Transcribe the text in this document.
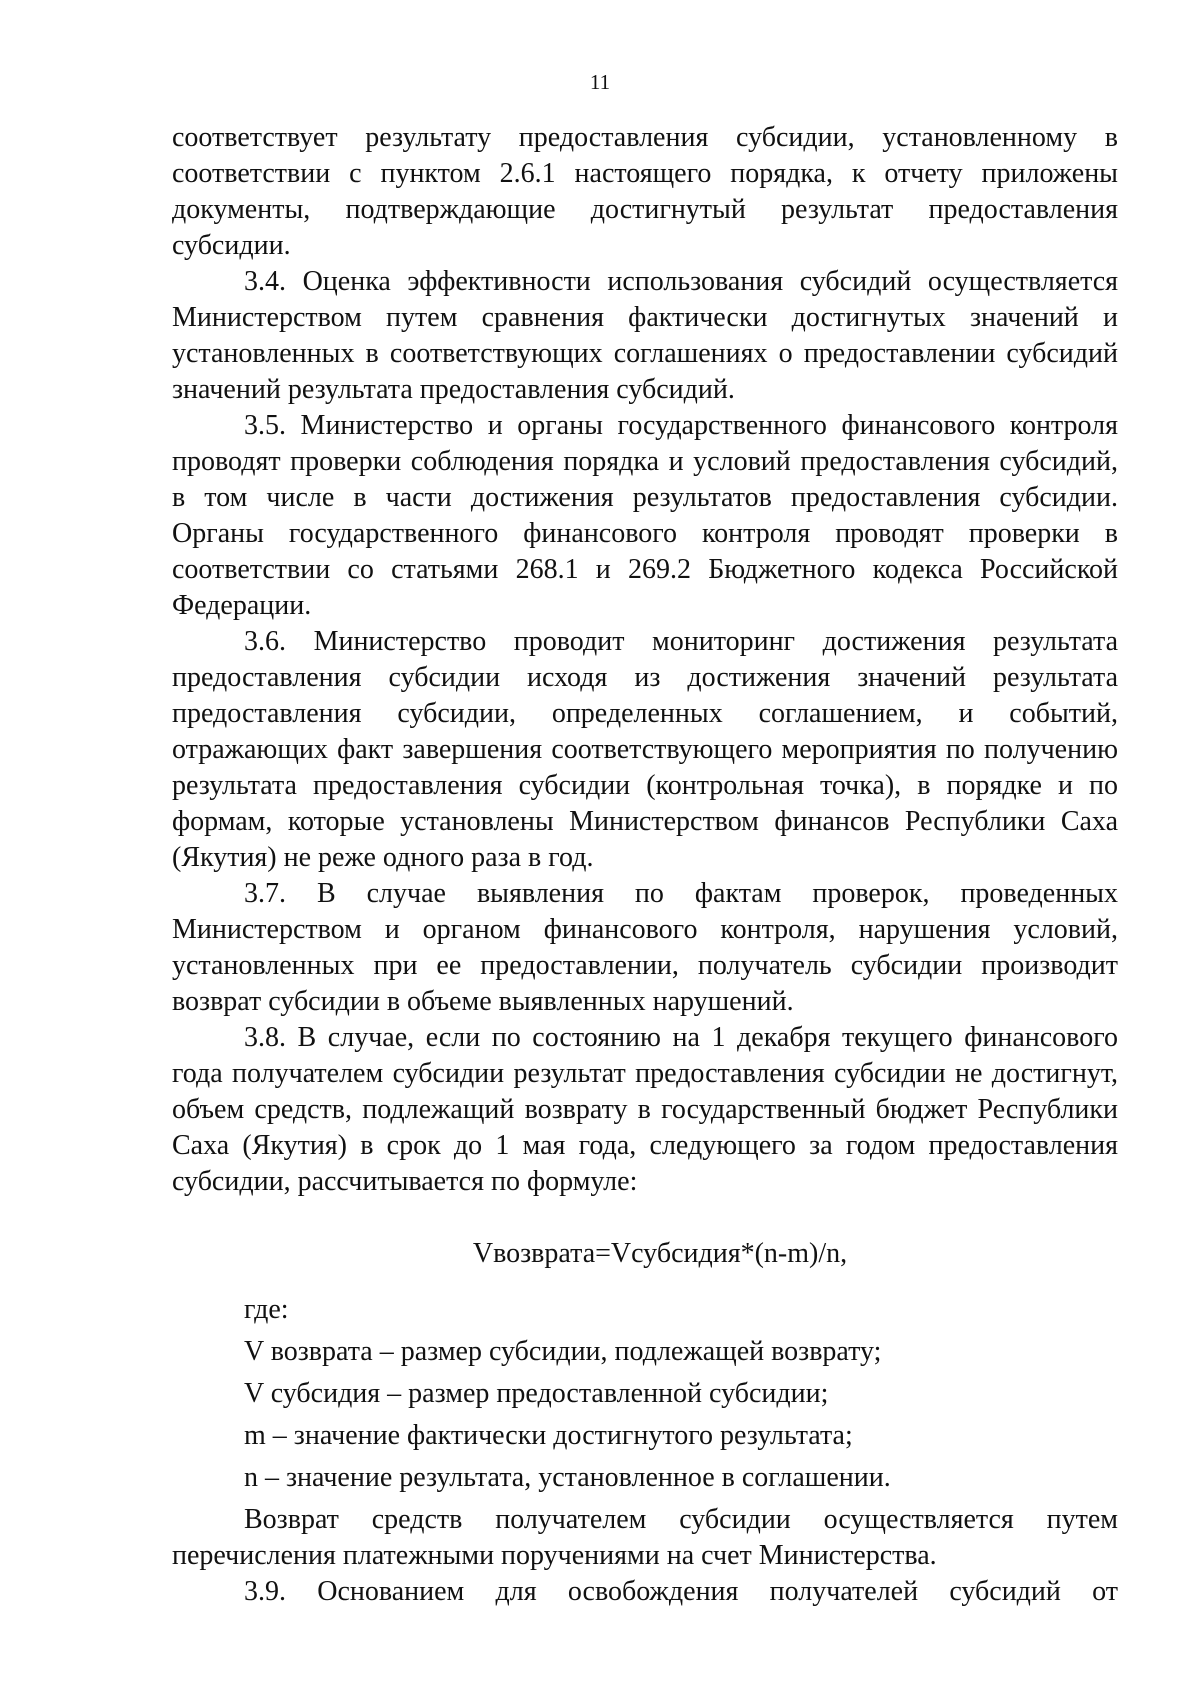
11

соответствует результату предоставления субсидии, установленному в соответствии с пунктом 2.6.1 настоящего порядка, к отчету приложены документы, подтверждающие достигнутый результат предоставления субсидии.

3.4. Оценка эффективности использования субсидий осуществляется Министерством путем сравнения фактически достигнутых значений и установленных в соответствующих соглашениях о предоставлении субсидий значений результата предоставления субсидий.

3.5. Министерство и органы государственного финансового контроля проводят проверки соблюдения порядка и условий предоставления субсидий, в том числе в части достижения результатов предоставления субсидии. Органы государственного финансового контроля проводят проверки в соответствии со статьями 268.1 и 269.2 Бюджетного кодекса Российской Федерации.

3.6. Министерство проводит мониторинг достижения результата предоставления субсидии исходя из достижения значений результата предоставления субсидии, определенных соглашением, и событий, отражающих факт завершения соответствующего мероприятия по получению результата предоставления субсидии (контрольная точка), в порядке и по формам, которые установлены Министерством финансов Республики Саха (Якутия) не реже одного раза в год.

3.7. В случае выявления по фактам проверок, проведенных Министерством и органом финансового контроля, нарушения условий, установленных при ее предоставлении, получатель субсидии производит возврат субсидии в объеме выявленных нарушений.

3.8. В случае, если по состоянию на 1 декабря текущего финансового года получателем субсидии результат предоставления субсидии не достигнут, объем средств, подлежащий возврату в государственный бюджет Республики Саха (Якутия) в срок до 1 мая года, следующего за годом предоставления субсидии, рассчитывается по формуле:

Vвозврата=Vсубсидия*(n-m)/n,

где:

V возврата – размер субсидии, подлежащей возврату;

V субсидия – размер предоставленной субсидии;

m – значение фактически достигнутого результата;

n – значение результата, установленное в соглашении.

Возврат средств получателем субсидии осуществляется путем перечисления платежными поручениями на счет Министерства.

3.9. Основанием для освобождения получателей субсидий от
